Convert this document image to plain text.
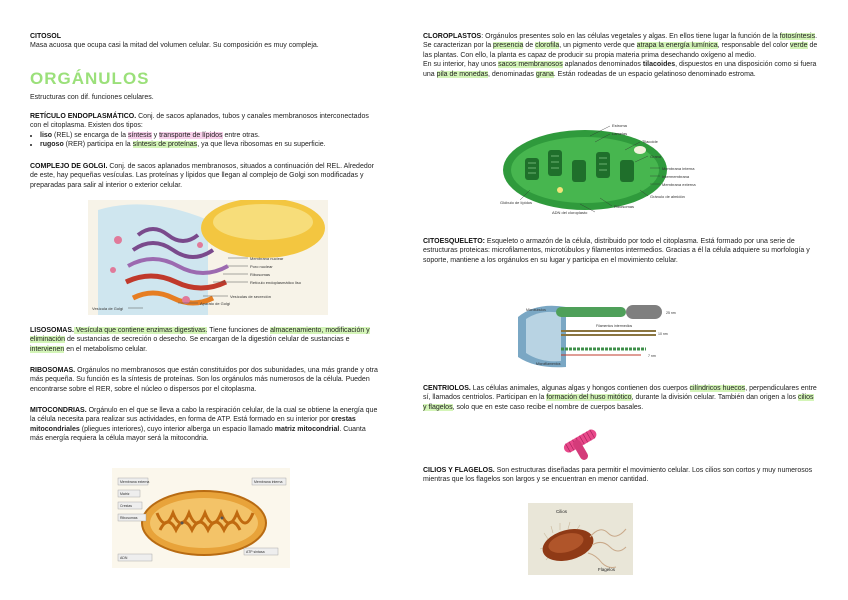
CITOSOL
Masa acuosa que ocupa casi la mitad del volumen celular. Su composición es muy compleja.
ORGÁNULOS
Estructuras con dif. funciones celulares.
RETÍCULO ENDOPLASMÁTICO. Conj. de sacos aplanados, tubos y canales membranosos interconectados con el citoplasma. Existen dos tipos:
• liso (REL) se encarga de la síntesis y transporte de lípidos entre otras.
• rugoso (RER) participa en la síntesis de proteínas, ya que lleva ribosomas en su superficie.
COMPLEJO DE GOLGI. Conj. de sacos aplanados membranosos, situados a continuación del REL. Alrededor de este, hay pequeñas vesículas. Las proteínas y lípidos que llegan al complejo de Golgi son modificadas y preparadas para salir al interior o exterior celular.
Membrana nuclear
Poro nuclear
Ribosomas
Retículo endoplasmático liso
Vesículas de secreción
Aparato de Golgi
Vesícula de Golgi
LISOSOMAS. Vesícula que contiene enzimas digestivas. Tiene funciones de almacenamiento, modificación y eliminación de sustancias de secreción o desecho. Se encargan de la digestión celular de sustancias e intervienen en el metabolismo celular.
RIBOSOMAS. Orgánulos no membranosos que están constituidos por dos subunidades, una más grande y otra más pequeña. Su función es la síntesis de proteínas. Son los orgánulos más numerosos de la célula. Pueden encontrarse sobre el RER, sobre el núcleo o dispersos por el citoplasma.
MITOCONDRIAS. Orgánulo en el que se lleva a cabo la respiración celular, de la cual se obtiene la energía que la célula necesita para realizar sus actividades, en forma de ATP. Está formado en su interior por crestas mitocondriales (pliegues interiores), cuyo interior alberga un espacio llamado matriz mitocondrial. Cuanta más energía requiera la célula mayor será la mitocondria.
Membrana externa
Matriz
Crestas
Ribosomas
Membrana interna
ADN
ATP sintasa
CLOROPLASTOS: Orgánulos presentes solo en las células vegetales y algas. En ellos tiene lugar la función de la fotosíntesis.
Se caracterizan por la presencia de clorofila, un pigmento verde que atrapa la energía lumínica, responsable del color verde de las plantas. Con ello, la planta es capaz de producir su propia materia prima desechando oxígeno al medio.
En su interior, hay unos sacos membranosos aplanados denominados tilacoides, dispuestos en una disposición como si fuera una pila de monedas, denominadas grana. Están rodeadas de un espacio gelatinoso denominado estroma.
Estroma
Lamelas
Tilacoide
Grana
Membrana interna
Intermembrana
Membrana externa
Gránulo de almidón
Ribosomas
ADN del cloroplasto
Glóbulo de lípidos
CITOESQUELETO: Esqueleto o armazón de la célula, distribuido por todo el citoplasma. Está formado por una serie de estructuras proteicas: microfilamentos, microtúbulos y filamentos intermedios. Gracias a él la célula adquiere su morfología y soporte, mantiene a los orgánulos en su lugar y participa en el movimiento celular.
Microtúbulos
Filamentos intermedios
Microfilamentos
25 nm
10 nm
7 nm
CENTRIOLOS. Las células animales, algunas algas y hongos contienen dos cuerpos cilíndricos huecos, perpendiculares entre sí, llamados centriolos. Participan en la formación del huso mitótico, durante la división celular. También dan origen a los cilios y flagelos, solo que en este caso recibe el nombre de cuerpos basales.
CILIOS Y FLAGELOS. Son estructuras diseñadas para permitir el movimiento celular. Los cilios son cortos y muy numerosos mientras que los flagelos son largos y se encuentran en menor cantidad.
Cilios
Flagelos
